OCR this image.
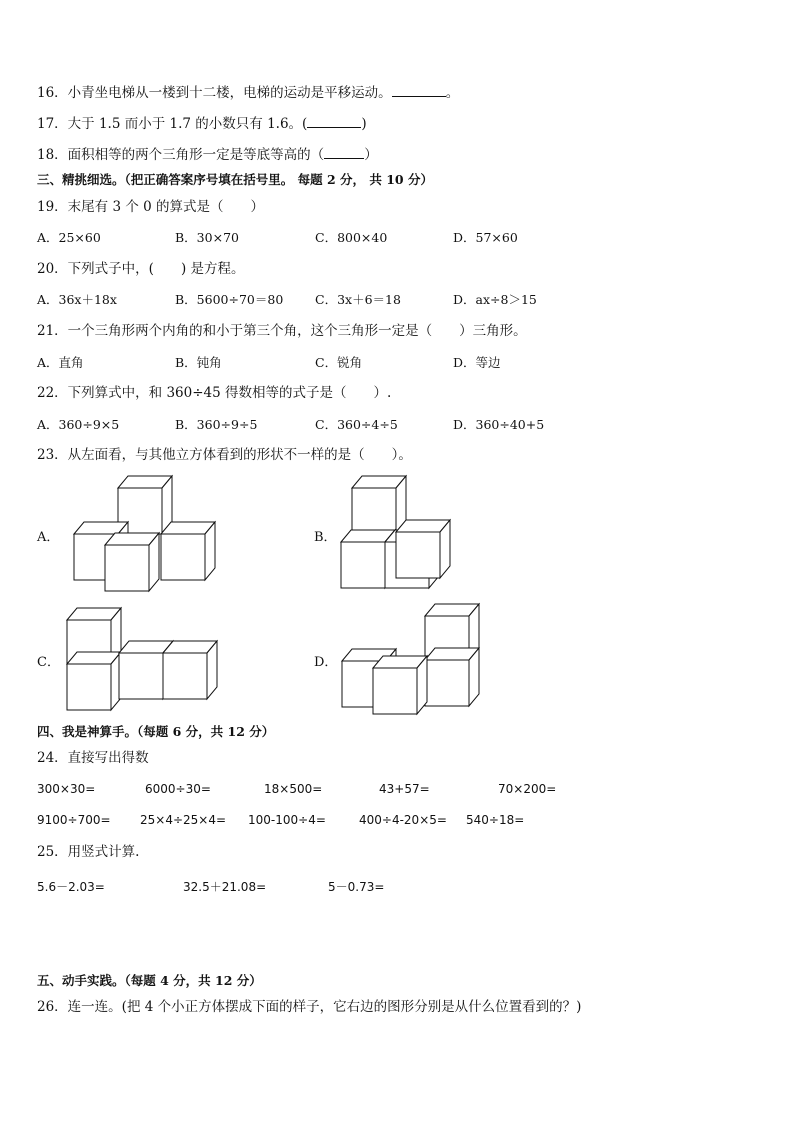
16．小青坐电梯从一楼到十二楼，电梯的运动是平移运动。	。
17．大于 1.5 而小于 1.7 的小数只有 1.6。(	)
18．面积相等的两个三角形一定是等底等高的（	）
三、精挑细选。（把正确答案序号填在括号里。 每题 2 分， 共 10 分）
19．末尾有 3 个 0 的算式是（　　）
A．25×60	B．30×70	C．800×40	D．57×60
20．下列式子中，(　　) 是方程。
A．36x＋18x	B．5600÷70＝80	C．3x＋6＝18	D．ax÷8＞15
21．一个三角形两个内角的和小于第三个角，这个三角形一定是（　　）三角形。
A．直角	B．钝角	C．锐角	D．等边
22．下列算式中，和 360÷45 得数相等的式子是（　　）.
A．360÷9×5	B．360÷9÷5	C．360÷4÷5	D．360÷40+5
23．从左面看，与其他立方体看到的形状不一样的是（　　）。
A．	B．
C．	D．
四、我是神算手。（每题 6 分，共 12 分）
24．直接写出得数
300×30=	6000÷30=	18×500=	43+57=	70×200=
9100÷700= 25×4÷25×4= 100-100÷4=	400÷4-20×5= 540÷18=
25．用竖式计算.
5.6－2.03=	32.5＋21.08=	5－0.73=
五、动手实践。（每题 4 分，共 12 分）
26．连一连。(把 4 个小正方体摆成下面的样子，它右边的图形分别是从什么位置看到的？)
